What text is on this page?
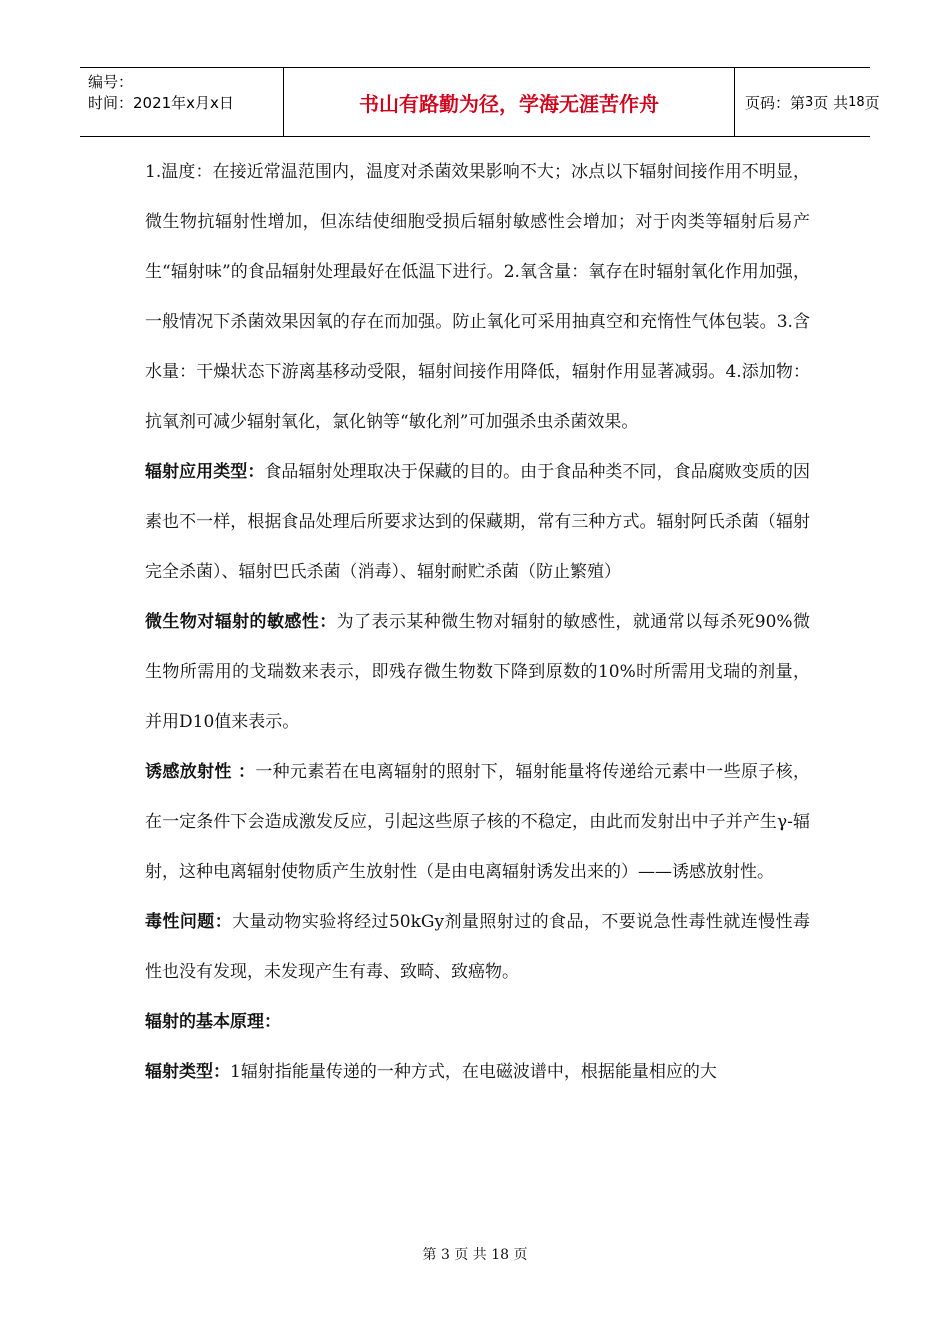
编号：
时间：2021年x月x日	书山有路勤为径，学海无涯苦作舟	页码：第 3 页 共 18 页

1.温度：在接近常温范围内，温度对杀菌效果影响不大；冰点以下辐射间接作用不明显，微生物抗辐射性增加，但冻结使细胞受损后辐射敏感性会增加；对于肉类等辐射后易产生“辐射味”的食品辐射处理最好在低温下进行。2.氧含量：氧存在时辐射氧化作用加强，一般情况下杀菌效果因氧的存在而加强。防止氧化可采用抽真空和充惰性气体包装。3.含水量：干燥状态下游离基移动受限，辐射间接作用降低，辐射作用显著减弱。4.添加物：抗氧剂可减少辐射氧化，氯化钠等“敏化剂”可加强杀虫杀菌效果。

辐射应用类型：食品辐射处理取决于保藏的目的。由于食品种类不同，食品腐败变质的因素也不一样，根据食品处理后所要求达到的保藏期，常有三种方式。辐射阿氏杀菌（辐射完全杀菌）、辐射巴氏杀菌（消毒）、辐射耐贮杀菌（防止繁殖）

微生物对辐射的敏感性：为了表示某种微生物对辐射的敏感性，就通常以每杀死90%微生物所需用的戈瑞数来表示，即残存微生物数下降到原数的10%时所需用戈瑞的剂量，并用D10值来表示。

诱感放射性 ：一种元素若在电离辐射的照射下，辐射能量将传递给元素中一些原子核，在一定条件下会造成激发反应，引起这些原子核的不稳定，由此而发射出中子并产生γ-辐射，这种电离辐射使物质产生放射性（是由电离辐射诱发出来的）——诱感放射性。

毒性问题：大量动物实验将经过50kGy剂量照射过的食品，不要说急性毒性就连慢性毒性也没有发现，未发现产生有毒、致畸、致癌物。

辐射的基本原理：

辐射类型：1辐射指能量传递的一种方式，在电磁波谱中，根据能量相应的大

第 3 页 共 18 页
